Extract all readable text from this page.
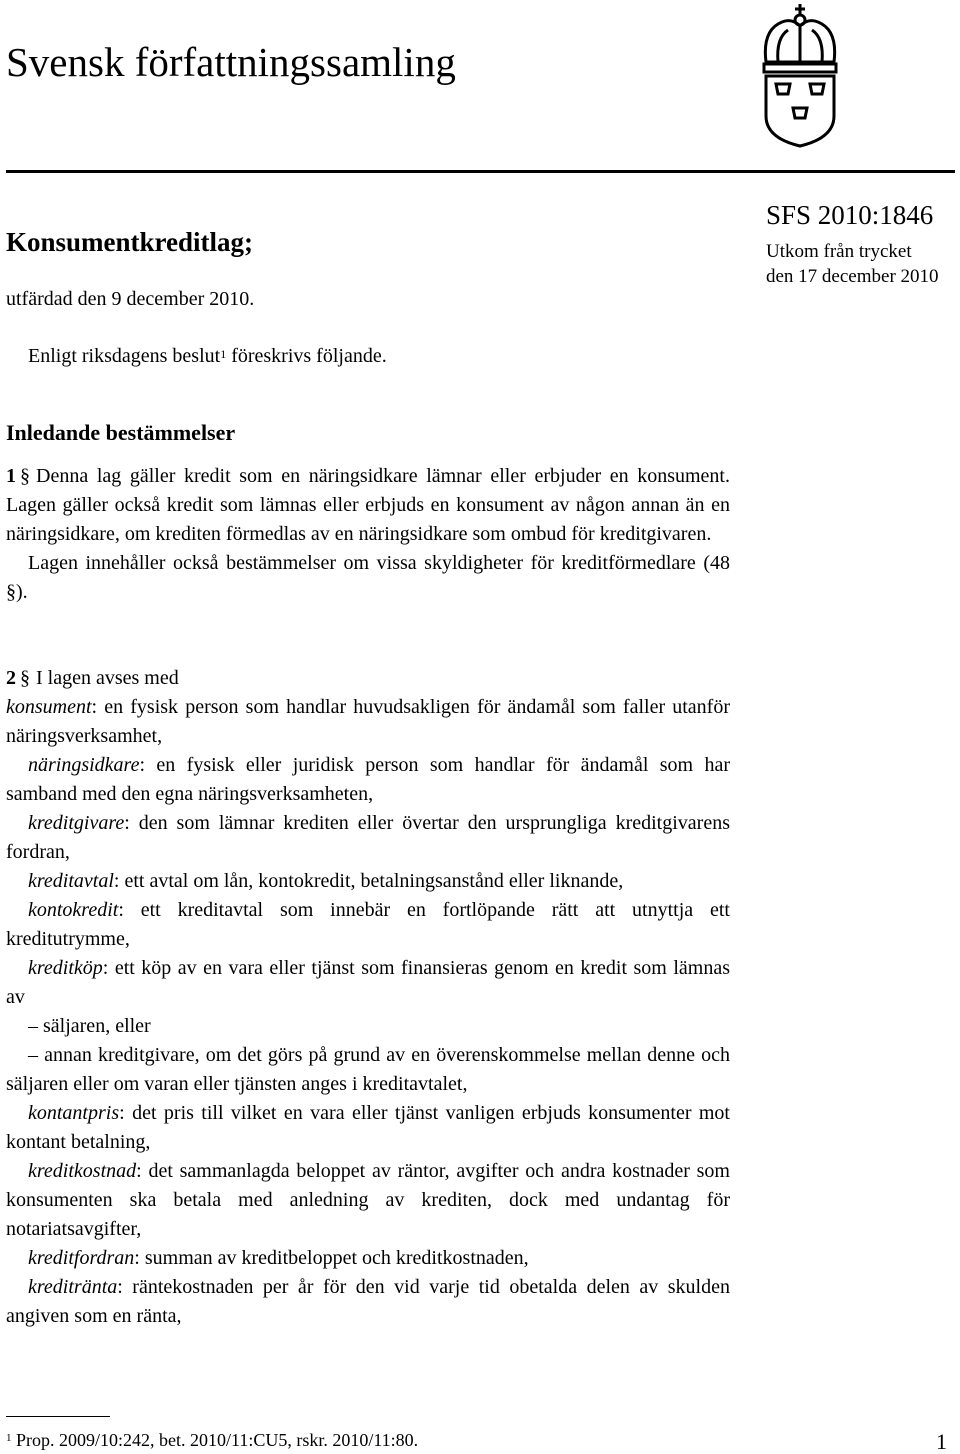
Svensk författningssamling
Konsumentkreditlag;
utfärdad den 9 december 2010.
SFS 2010:1846
Utkom från trycket
den 17 december 2010
Enligt riksdagens beslut$^1$ föreskrivs följande.
Inledande bestämmelser

1 § Denna lag gäller kredit som en näringsidkare lämnar eller erbjuder en konsument. Lagen gäller också kredit som lämnas eller erbjuds en konsument av någon annan än en näringsidkare, om krediten förmedlas av en näringsidkare som ombud för kreditgivaren.

Lagen innehåller också bestämmelser om vissa skyldigheter för kreditförmedlare (48 §).

2 § I lagen avses med

konsument: en fysisk person som handlar huvudsakligen för ändamål som faller utanför näringsverksamhet,

näringsidkare: en fysisk eller juridisk person som handlar för ändamål som har samband med den egna näringsverksamheten,

kreditgivare: den som lämnar krediten eller övertar den ursprungliga kreditgivarens fordran,

kreditavtal: ett avtal om lån, kontokredit, betalningsanstånd eller liknande,

kontokredit: ett kreditavtal som innebär en fortlöpande rätt att utnyttja ett kreditutrymme,

kreditköp: ett köp av en vara eller tjänst som finansieras genom en kredit som lämnas av

– säljaren, eller

– annan kreditgivare, om det görs på grund av en överenskommelse mellan denne och säljaren eller om varan eller tjänsten anges i kreditavtalet,

kontantpris: det pris till vilket en vara eller tjänst vanligen erbjuds konsumenter mot kontant betalning,

kreditkostnad: det sammanlagda beloppet av räntor, avgifter och andra kostnader som konsumenten ska betala med anledning av krediten, dock med undantag för notariatsavgifter,

kreditfordran: summan av kreditbeloppet och kreditkostnaden,

kreditränta: räntekostnaden per år för den vid varje tid obetalda delen av skulden angiven som en ränta,

$^1$ Prop. 2009/10:242, bet. 2010/11:CU5, rskr. 2010/11:80.	1
